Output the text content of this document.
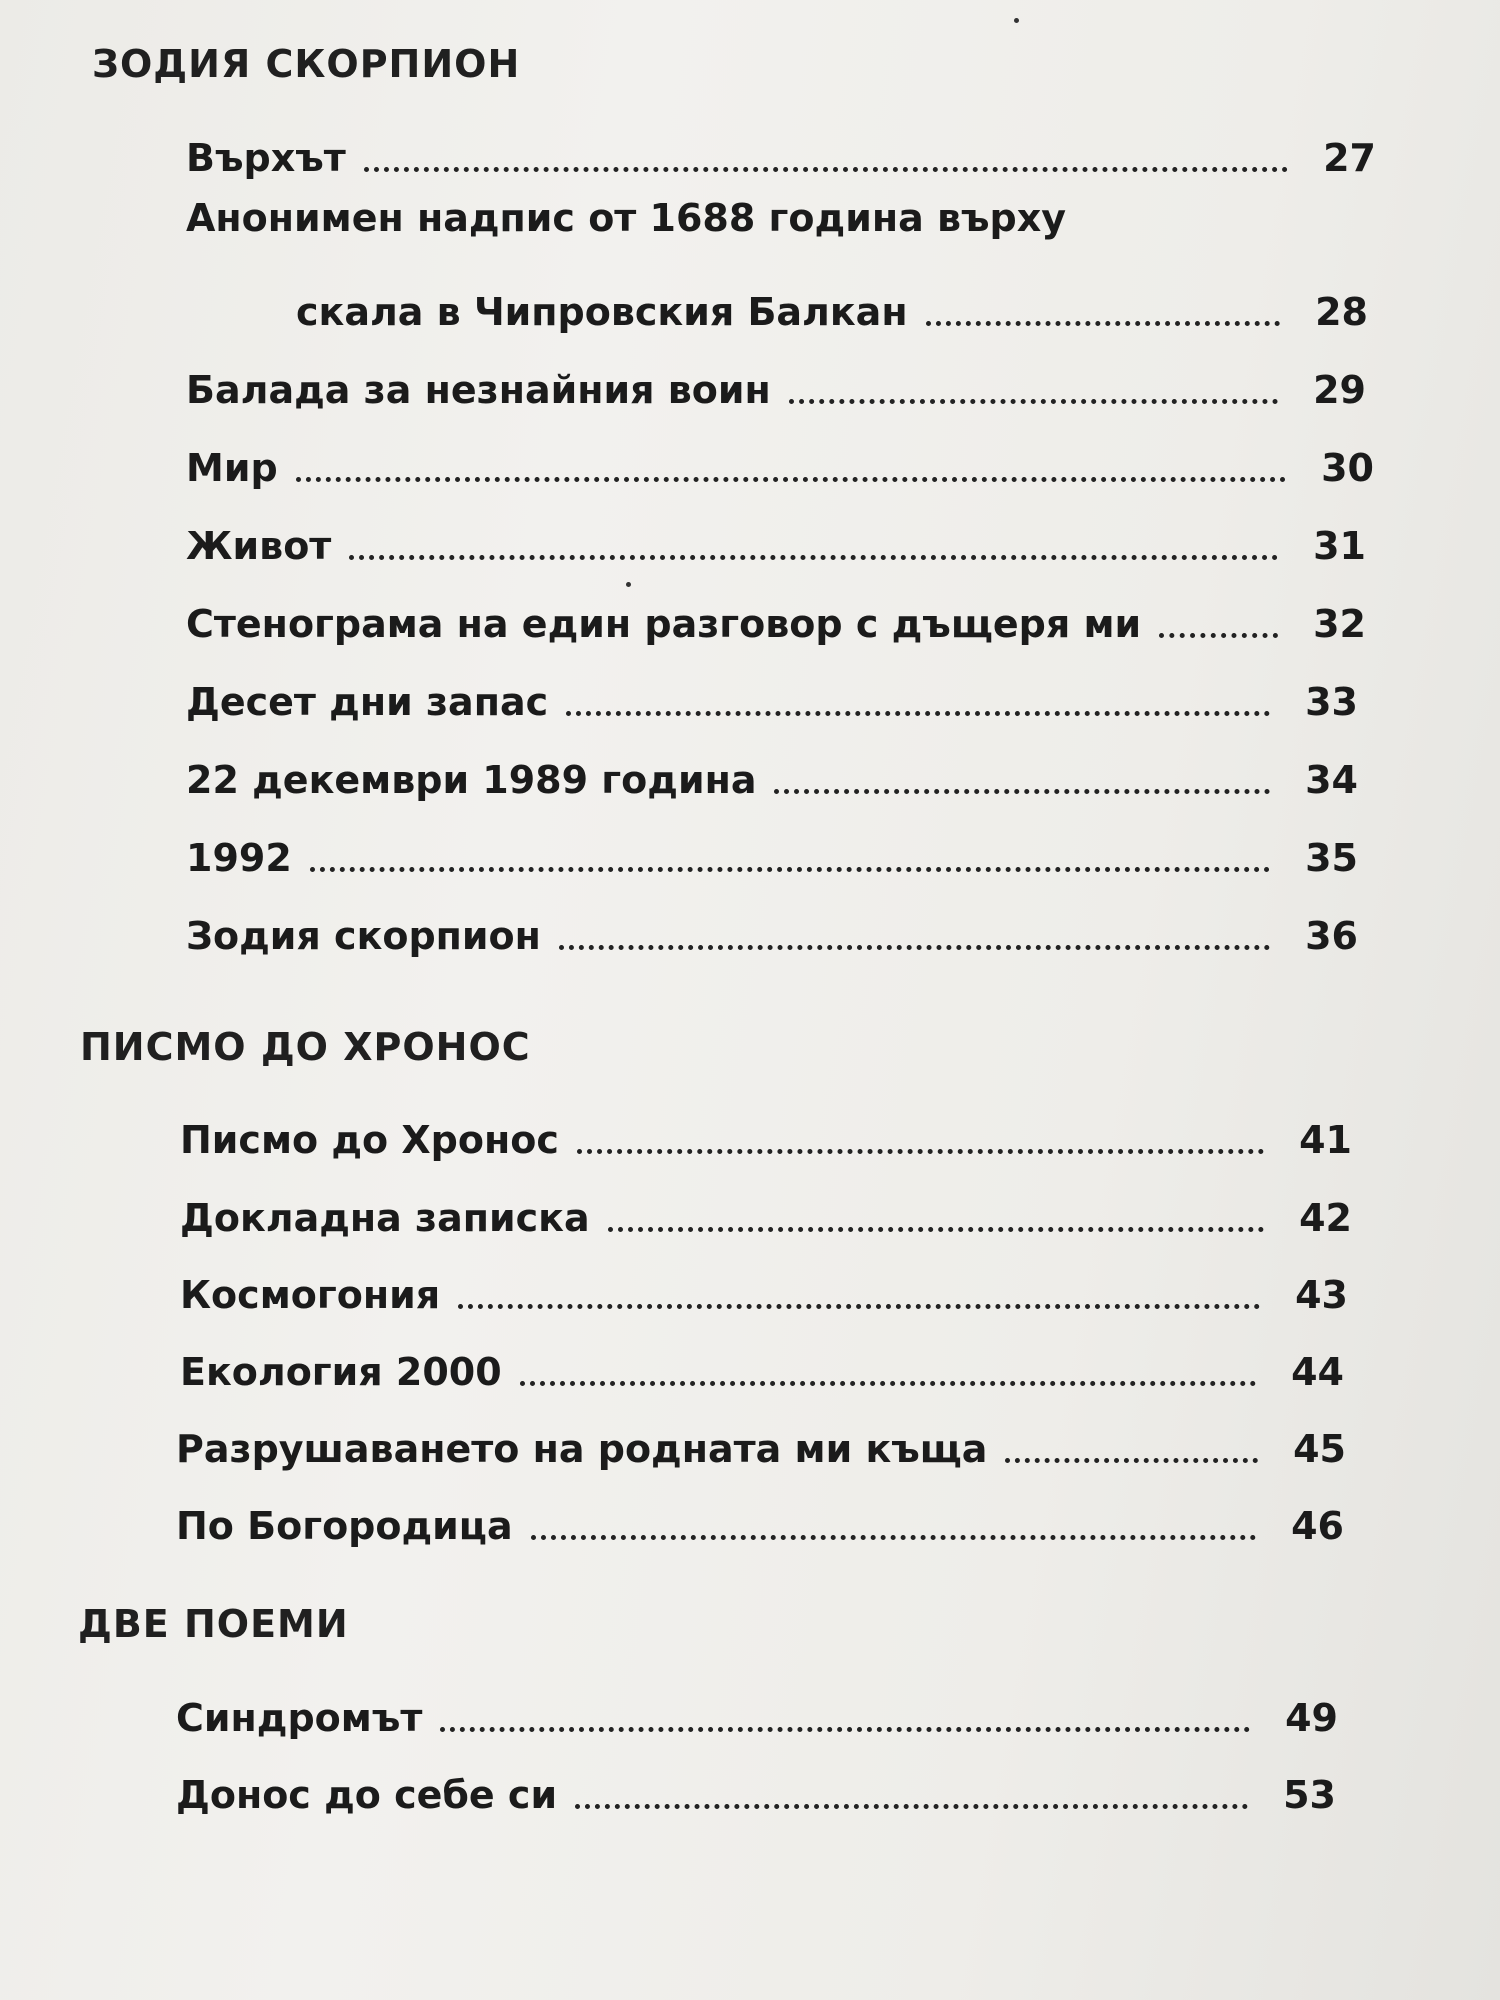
ЗОДИЯ СКОРПИОН
Върхът	27
Анонимен надпис от 1688 година върху
скала в Чипровския Балкан	28
Балада за незнайния воин	29
Мир	30
Живот	31
Стенограма на един разговор с дъщеря ми	32
Десет дни запас	33
22 декември 1989 година	34
1992	35
Зодия скорпион	36
ПИСМО ДО ХРОНОС
Писмо до Хронос	41
Докладна записка	42
Космогония	43
Екология 2000	44
Разрушаването на родната ми къща	45
По Богородица	46
ДВЕ ПОЕМИ
Синдромът	49
Донос до себе си	53
